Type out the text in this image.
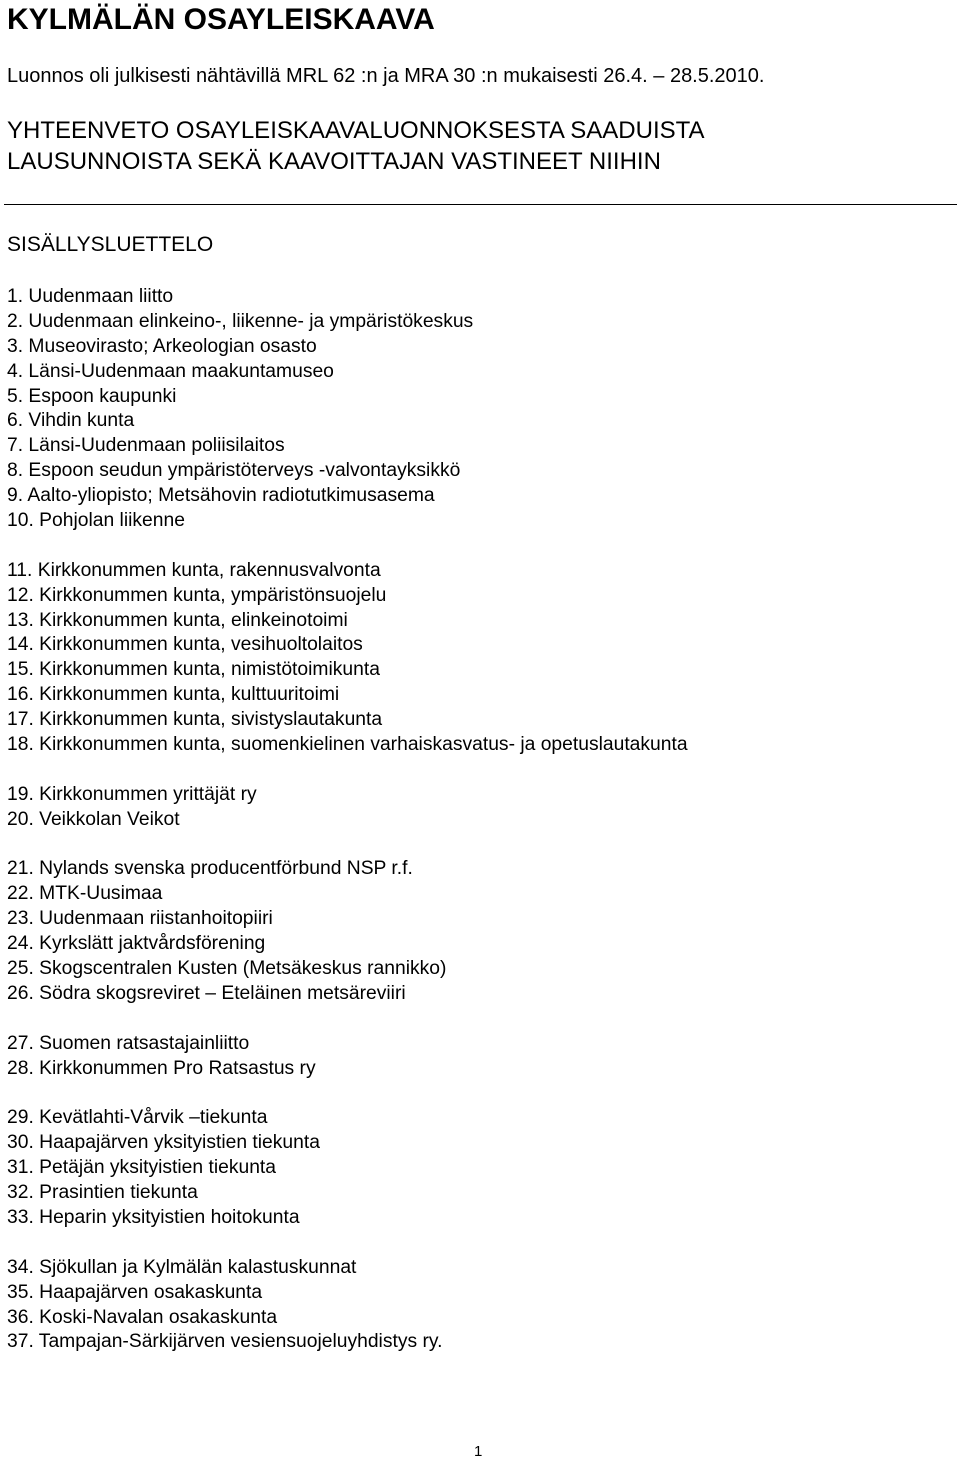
KYLMÄLÄN OSAYLEISKAAVA
Luonnos oli julkisesti nähtävillä MRL 62 :n ja MRA 30 :n mukaisesti 26.4. – 28.5.2010.
YHTEENVETO OSAYLEISKAAVALUONNOKSESTA SAADUISTA
LAUSUNNOISTA SEKÄ KAAVOITTAJAN VASTINEET NIIHIN
SISÄLLYSLUETTELO
1. Uudenmaan liitto
2. Uudenmaan elinkeino-, liikenne- ja ympäristökeskus
3. Museovirasto; Arkeologian osasto
4. Länsi-Uudenmaan maakuntamuseo
5. Espoon kaupunki
6. Vihdin kunta
7. Länsi-Uudenmaan poliisilaitos
8. Espoon seudun ympäristöterveys -valvontayksikkö
9. Aalto-yliopisto; Metsähovin radiotutkimusasema
10. Pohjolan liikenne
11. Kirkkonummen kunta, rakennusvalvonta
12. Kirkkonummen kunta, ympäristönsuojelu
13. Kirkkonummen kunta, elinkeinotoimi
14. Kirkkonummen kunta, vesihuoltolaitos
15. Kirkkonummen kunta, nimistötoimikunta
16. Kirkkonummen kunta, kulttuuritoimi
17. Kirkkonummen kunta, sivistyslautakunta
18. Kirkkonummen kunta, suomenkielinen varhaiskasvatus- ja opetuslautakunta
19. Kirkkonummen yrittäjät ry
20. Veikkolan Veikot
21. Nylands svenska producentförbund NSP r.f.
22. MTK-Uusimaa
23. Uudenmaan riistanhoitopiiri
24. Kyrkslätt jaktvårdsförening
25. Skogscentralen Kusten (Metsäkeskus rannikko)
26. Södra skogsreviret – Eteläinen metsäreviiri
27. Suomen ratsastajainliitto
28. Kirkkonummen Pro Ratsastus ry
29. Kevätlahti-Vårvik –tiekunta
30. Haapajärven yksityistien tiekunta
31. Petäjän yksityistien tiekunta
32. Prasintien tiekunta
33. Heparin yksityistien hoitokunta
34. Sjökullan ja Kylmälän kalastuskunnat
35. Haapajärven osakaskunta
36. Koski-Navalan osakaskunta
37. Tampajan-Särkijärven vesiensuojeluyhdistys ry.
1
